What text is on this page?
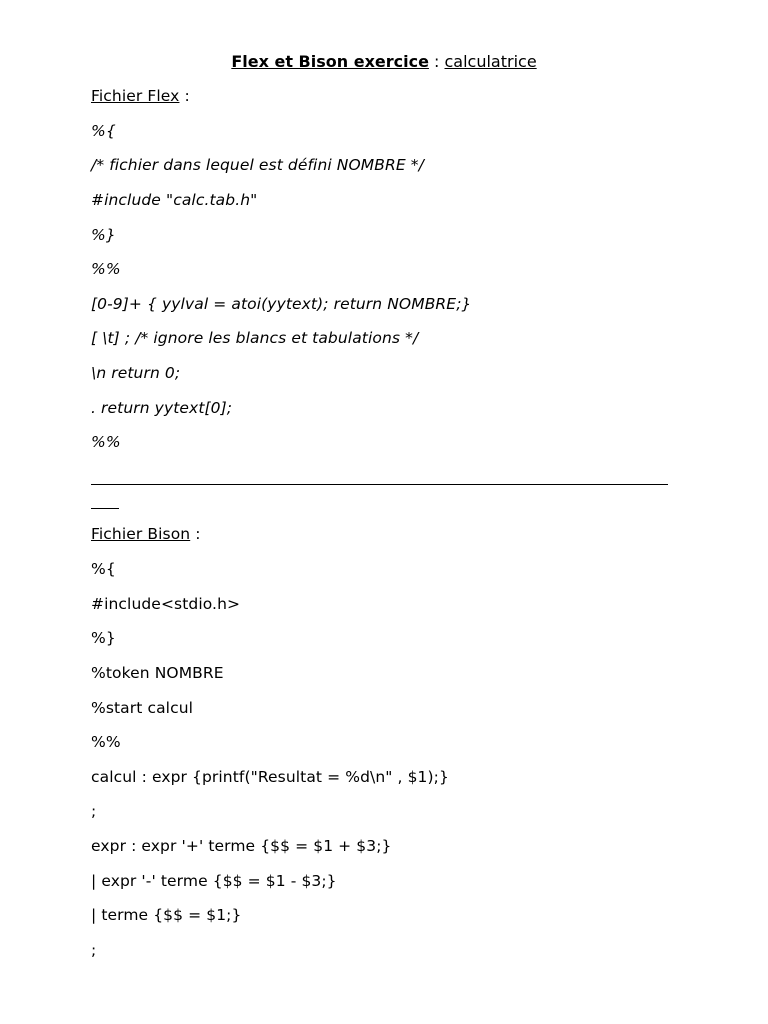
Flex et Bison exercice : calculatrice
Fichier Flex :
%{
/* fichier dans lequel est défini NOMBRE */
#include "calc.tab.h"
%}
%%
[0-9]+ { yylval = atoi(yytext); return NOMBRE;}
[ \t] ; /* ignore les blancs et tabulations */
\n return 0;
. return yytext[0];
%%
Fichier Bison :
%{
#include<stdio.h>
%}
%token NOMBRE
%start calcul
%%
calcul : expr {printf("Resultat = %d\n" , $1);}
;
expr : expr '+' terme {$$ = $1 + $3;}
| expr '-' terme {$$ = $1 - $3;}
| terme {$$ = $1;}
;
